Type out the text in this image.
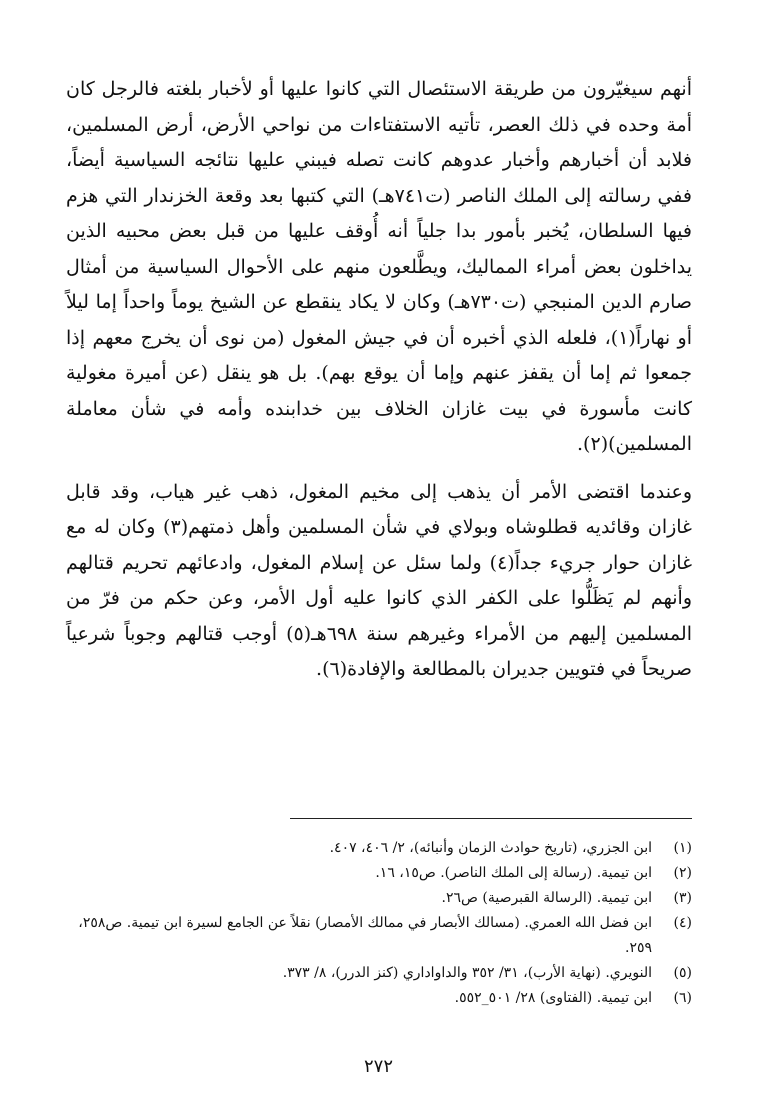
أنهم سيغيّرون من طريقة الاستئصال التي كانوا عليها أو لأخبار بلغته فالرجل كان أمة وحده في ذلك العصر، تأتيه الاستفتاءات من نواحي الأرض، أرض المسلمين، فلابد أن أخبارهم وأخبار عدوهم كانت تصله فيبني عليها نتائجه السياسية أيضاً، ففي رسالته إلى الملك الناصر (ت٧٤١هـ) التي كتبها بعد وقعة الخزندار التي هزم فيها السلطان، يُخبر بأمور بدا جلياً أنه أُوقف عليها من قبل بعض محبيه الذين يداخلون بعض أمراء المماليك، ويطَّلعون منهم على الأحوال السياسية من أمثال صارم الدين المنبجي (ت٧٣٠هـ) وكان لا يكاد ينقطع عن الشيخ يوماً واحداً إما ليلاً أو نهاراً(١)، فلعله الذي أخبره أن في جيش المغول (من نوى أن يخرج معهم إذا جمعوا ثم إما أن يقفز عنهم وإما أن يوقع بهم). بل هو ينقل (عن أميرة مغولية كانت مأسورة في بيت غازان الخلاف بين خدابنده وأمه في شأن معاملة المسلمين)(٢).

وعندما اقتضى الأمر أن يذهب إلى مخيم المغول، ذهب غير هياب، وقد قابل غازان وقائديه قطلوشاه وبولاي في شأن المسلمين وأهل ذمتهم(٣) وكان له مع غازان حوار جريء جداً(٤) ولما سئل عن إسلام المغول، وادعائهم تحريم قتالهم وأنهم لم يَظَلُّوا على الكفر الذي كانوا عليه أول الأمر، وعن حكم من فرّ من المسلمين إليهم من الأمراء وغيرهم سنة ٦٩٨هـ(٥) أوجب قتالهم وجوباً شرعياً صريحاً في فتويين جديران بالمطالعة والإفادة(٦).

(١)
ابن الجزري، (تاريخ حوادث الزمان وأنبائه)، ٢/ ٤٠٦، ٤٠٧.
(٢)
ابن تيمية. (رسالة إلى الملك الناصر). ص١٥، ١٦.
(٣)
ابن تيمية. (الرسالة القبرصية) ص٢٦.
(٤)
ابن فضل الله العمري. (مسالك الأبصار في ممالك الأمصار) نقلاً عن الجامع لسيرة ابن تيمية. ص٢٥٨، ٢٥٩.
(٥)
النويري. (نهاية الأرب)، ٣١/ ٣٥٢ والداواداري (كنز الدرر)، ٨/ ٣٧٣.
(٦)
ابن تيمية. (الفتاوى) ٢٨/ ٥٠١_٥٥٢.
٢٧٢
